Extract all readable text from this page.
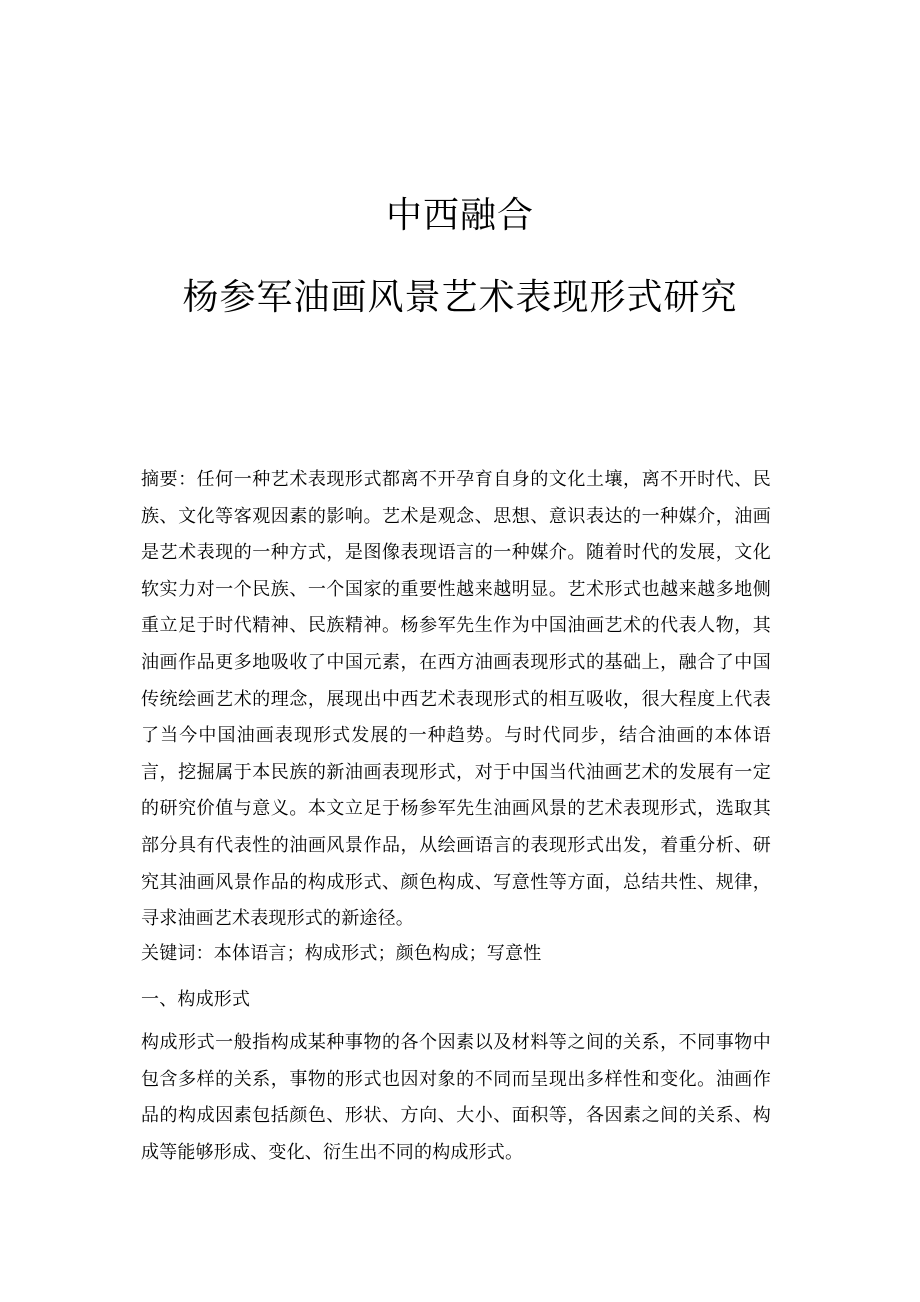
中西融合
杨参军油画风景艺术表现形式研究

摘要：任何一种艺术表现形式都离不开孕育自身的文化土壤，离不开时代、民族、文化等客观因素的影响。艺术是观念、思想、意识表达的一种媒介，油画是艺术表现的一种方式，是图像表现语言的一种媒介。随着时代的发展，文化软实力对一个民族、一个国家的重要性越来越明显。艺术形式也越来越多地侧重立足于时代精神、民族精神。杨参军先生作为中国油画艺术的代表人物，其油画作品更多地吸收了中国元素，在西方油画表现形式的基础上，融合了中国传统绘画艺术的理念，展现出中西艺术表现形式的相互吸收，很大程度上代表了当今中国油画表现形式发展的一种趋势。与时代同步，结合油画的本体语言，挖掘属于本民族的新油画表现形式，对于中国当代油画艺术的发展有一定的研究价值与意义。本文立足于杨参军先生油画风景的艺术表现形式，选取其部分具有代表性的油画风景作品，从绘画语言的表现形式出发，着重分析、研究其油画风景作品的构成形式、颜色构成、写意性等方面，总结共性、规律，寻求油画艺术表现形式的新途径。

关键词：本体语言；构成形式；颜色构成；写意性

一、构成形式

构成形式一般指构成某种事物的各个因素以及材料等之间的关系，不同事物中包含多样的关系，事物的形式也因对象的不同而呈现出多样性和变化。油画作品的构成因素包括颜色、形状、方向、大小、面积等，各因素之间的关系、构成等能够形成、变化、衍生出不同的构成形式。
